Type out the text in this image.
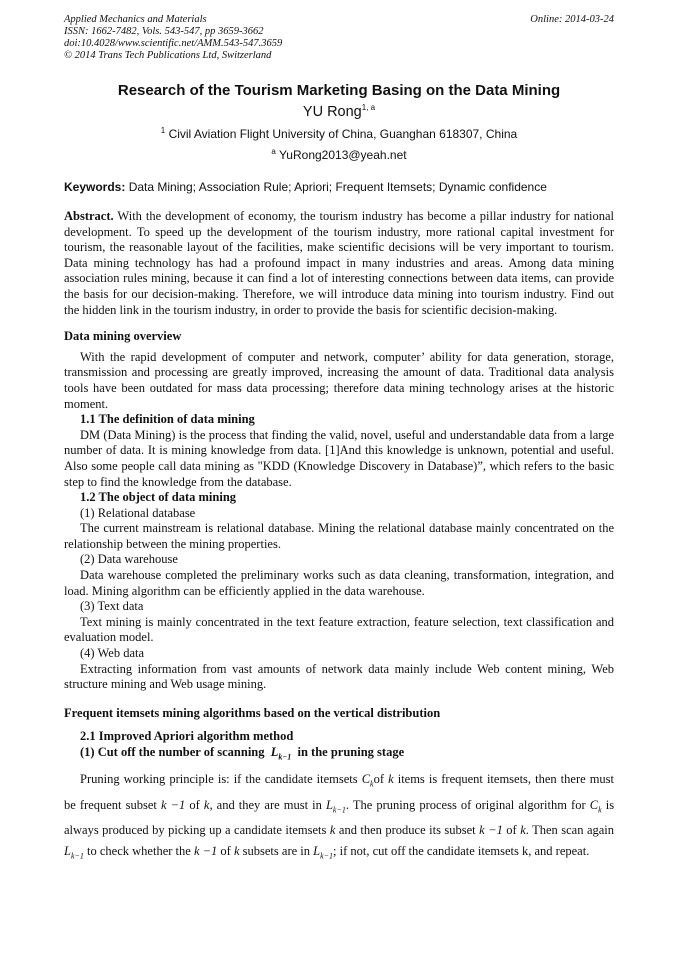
Applied Mechanics and Materials
ISSN: 1662-7482, Vols. 543-547, pp 3659-3662
doi:10.4028/www.scientific.net/AMM.543-547.3659
© 2014 Trans Tech Publications Ltd, Switzerland
Online: 2014-03-24
Research of the Tourism Marketing Basing on the Data Mining
YU Rong$^{1, a}$
$^1$ Civil Aviation Flight University of China, Guanghan 618307, China
$^a$ YuRong2013@yeah.net
Keywords: Data Mining; Association Rule; Apriori; Frequent Itemsets; Dynamic confidence

Abstract. With the development of economy, the tourism industry has become a pillar industry for national development. To speed up the development of the tourism industry, more rational capital investment for tourism, the reasonable layout of the facilities, make scientific decisions will be very important to tourism. Data mining technology has had a profound impact in many industries and areas. Among data mining association rules mining, because it can find a lot of interesting connections between data items, can provide the basis for our decision-making. Therefore, we will introduce data mining into tourism industry. Find out the hidden link in the tourism industry, in order to provide the basis for scientific decision-making.

Data mining overview

With the rapid development of computer and network, computer’ ability for data generation, storage, transmission and processing are greatly improved, increasing the amount of data. Traditional data analysis tools have been outdated for mass data processing; therefore data mining technology arises at the historic moment.

1.1 The definition of data mining

DM (Data Mining) is the process that finding the valid, novel, useful and understandable data from a large number of data. It is mining knowledge from data. [1]And this knowledge is unknown, potential and useful. Also some people call data mining as "KDD (Knowledge Discovery in Database)”, which refers to the basic step to find the knowledge from the database.

1.2 The object of data mining
(1) Relational database

The current mainstream is relational database. Mining the relational database mainly concentrated on the relationship between the mining properties.

(2) Data warehouse

Data warehouse completed the preliminary works such as data cleaning, transformation, integration, and load. Mining algorithm can be efficiently applied in the data warehouse.

(3) Text data

Text mining is mainly concentrated in the text feature extraction, feature selection, text classification and evaluation model.

(4) Web data

Extracting information from vast amounts of network data mainly include Web content mining, Web structure mining and Web usage mining.

Frequent itemsets mining algorithms based on the vertical distribution
2.1 Improved Apriori algorithm method
(1) Cut off the number of scanning $L_{k-1}$ in the pruning stage

Pruning working principle is: if the candidate itemsets $C_kof$ k items is frequent itemsets, then there must be frequent subset k −1 of k, and they are must in $L_{k-1}$. The pruning process of original algorithm for $C_k$ is always produced by picking up a candidate itemsets k and then produce its subset k −1 of k. Then scan again $L_{k-1}$ to check whether the k −1 of k subsets are in $L_{k-1}$; if not, cut off the candidate itemsets k, and repeat.
